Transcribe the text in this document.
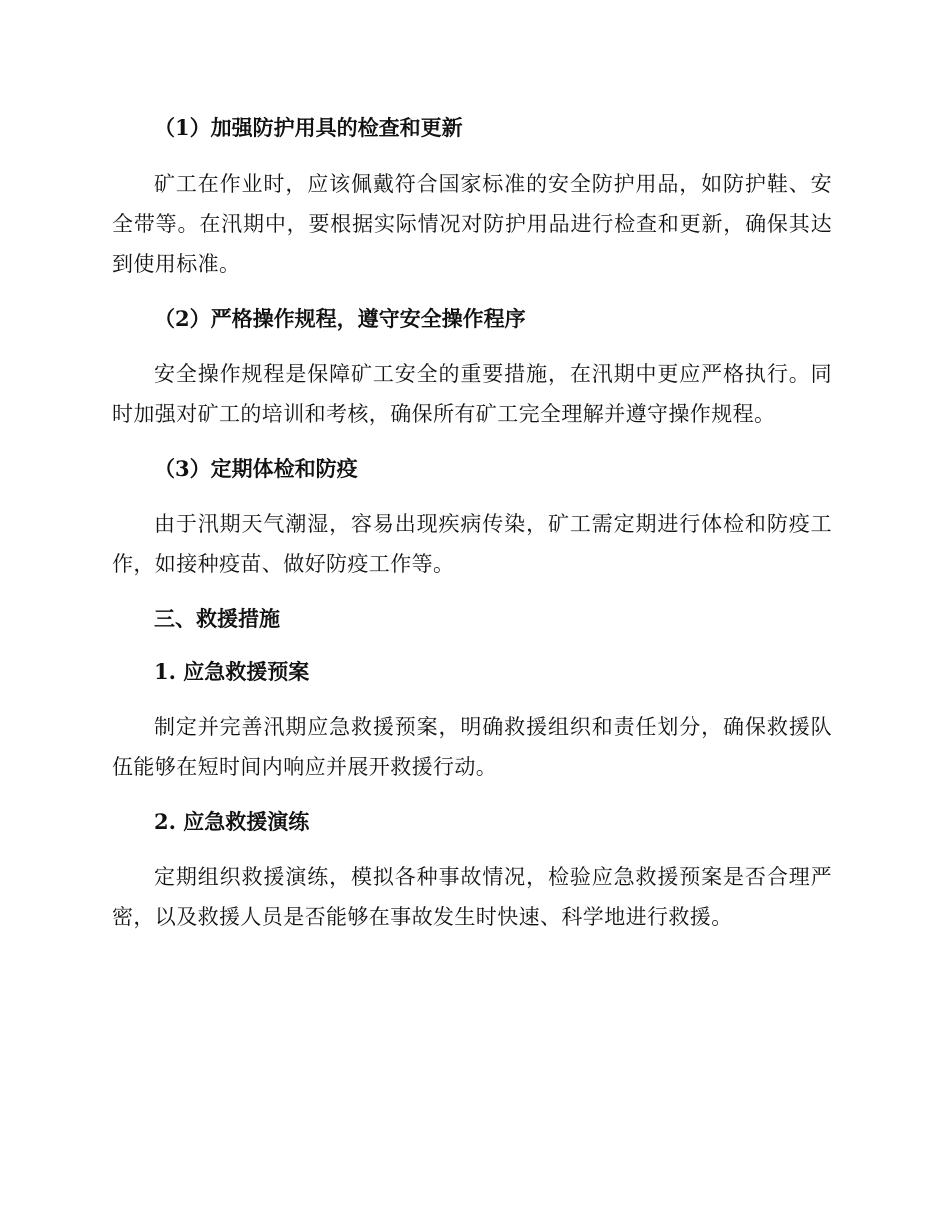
（1）加强防护用具的检查和更新

矿工在作业时，应该佩戴符合国家标准的安全防护用品，如防护鞋、安全带等。在汛期中，要根据实际情况对防护用品进行检查和更新，确保其达到使用标准。

（2）严格操作规程，遵守安全操作程序

安全操作规程是保障矿工安全的重要措施，在汛期中更应严格执行。同时加强对矿工的培训和考核，确保所有矿工完全理解并遵守操作规程。

（3）定期体检和防疫

由于汛期天气潮湿，容易出现疾病传染，矿工需定期进行体检和防疫工作，如接种疫苗、做好防疫工作等。

三、救援措施

1. 应急救援预案

制定并完善汛期应急救援预案，明确救援组织和责任划分，确保救援队伍能够在短时间内响应并展开救援行动。

2. 应急救援演练

定期组织救援演练，模拟各种事故情况，检验应急救援预案是否合理严密，以及救援人员是否能够在事故发生时快速、科学地进行救援。
